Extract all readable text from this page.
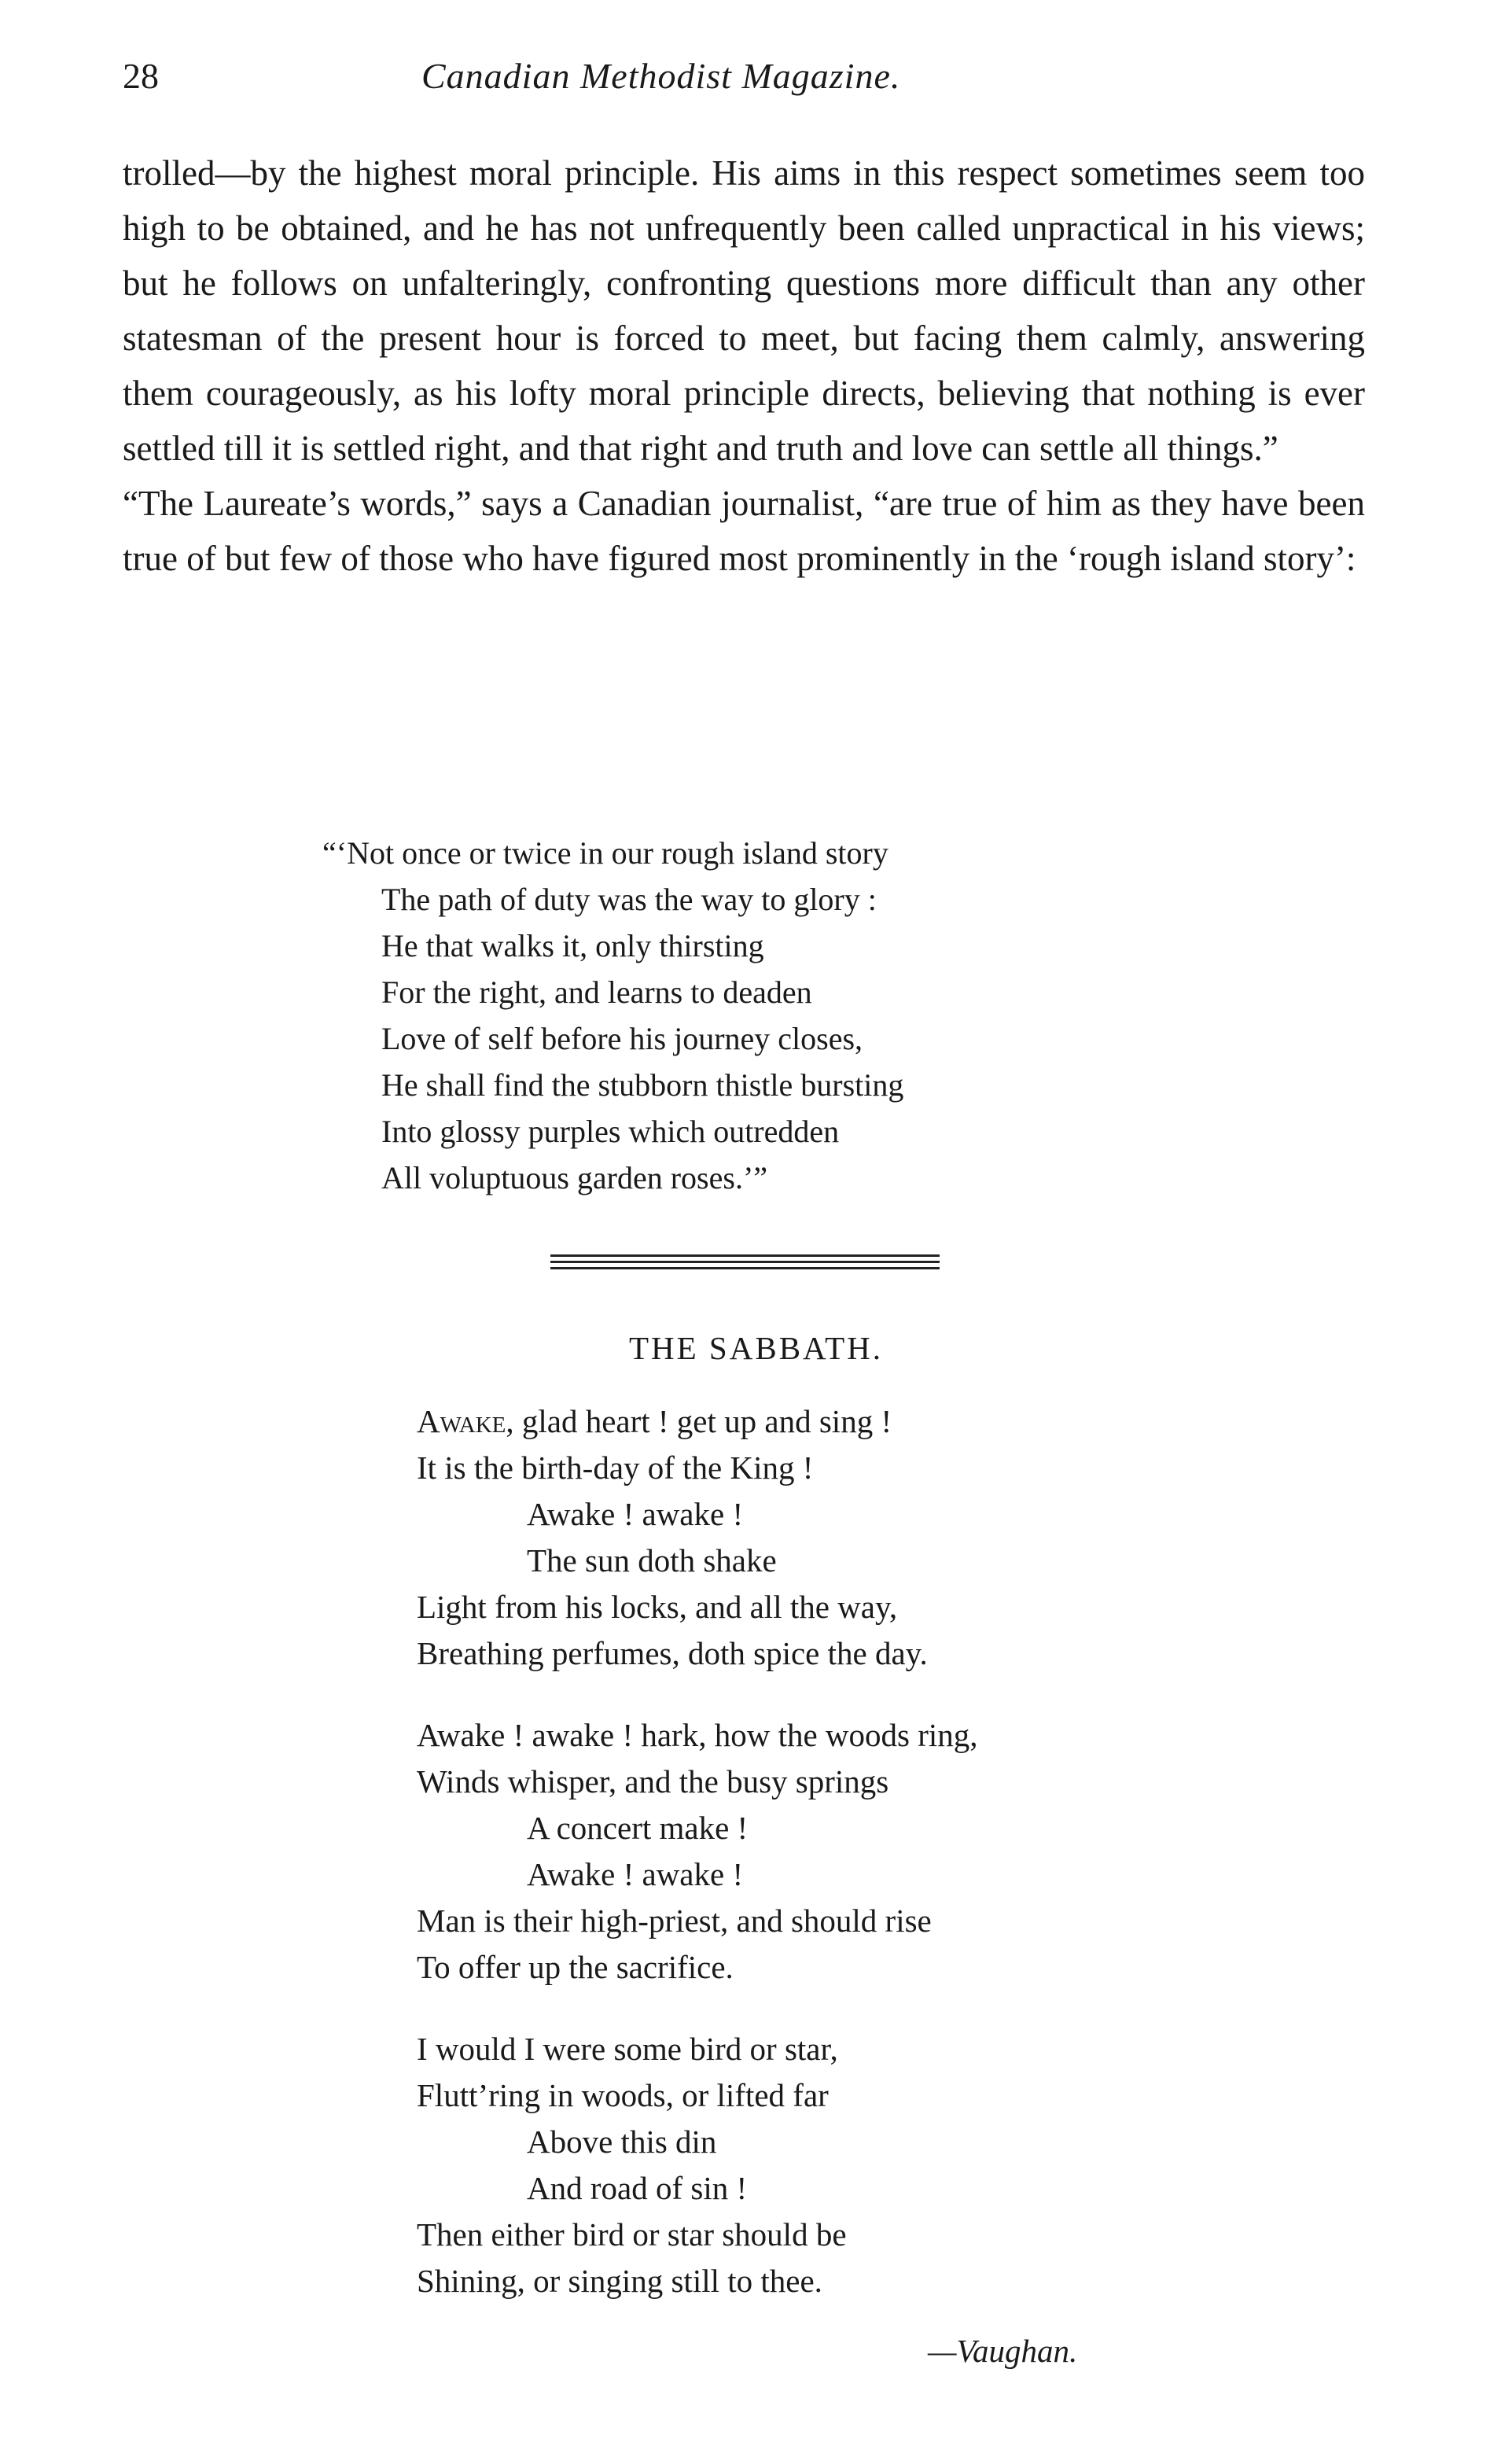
28	Canadian Methodist Magazine.

trolled—by the highest moral principle. His aims in this respect sometimes seem too high to be obtained, and he has not unfrequently been called unpractical in his views; but he follows on unfalteringly, confronting questions more difficult than any other statesman of the present hour is forced to meet, but facing them calmly, answering them courageously, as his lofty moral principle directs, believing that nothing is ever settled till it is settled right, and that right and truth and love can settle all things.”

“The Laureate’s words,” says a Canadian journalist, “are true of him as they have been true of but few of those who have figured most prominently in the ‘rough island story’:

“‘Not once or twice in our rough island story
The path of duty was the way to glory :
He that walks it, only thirsting
For the right, and learns to deaden
Love of self before his journey closes,
He shall find the stubborn thistle bursting
Into glossy purples which outredden
All voluptuous garden roses.’”
THE SABBATH.
Awake, glad heart ! get up and sing !
It is the birth-day of the King !
Awake ! awake !
The sun doth shake
Light from his locks, and all the way,
Breathing perfumes, doth spice the day.
Awake ! awake ! hark, how the woods ring,
Winds whisper, and the busy springs
A concert make !
Awake ! awake !
Man is their high-priest, and should rise
To offer up the sacrifice.
I would I were some bird or star,
Flutt’ring in woods, or lifted far
Above this din
And road of sin !
Then either bird or star should be
Shining, or singing still to thee.
—Vaughan.
